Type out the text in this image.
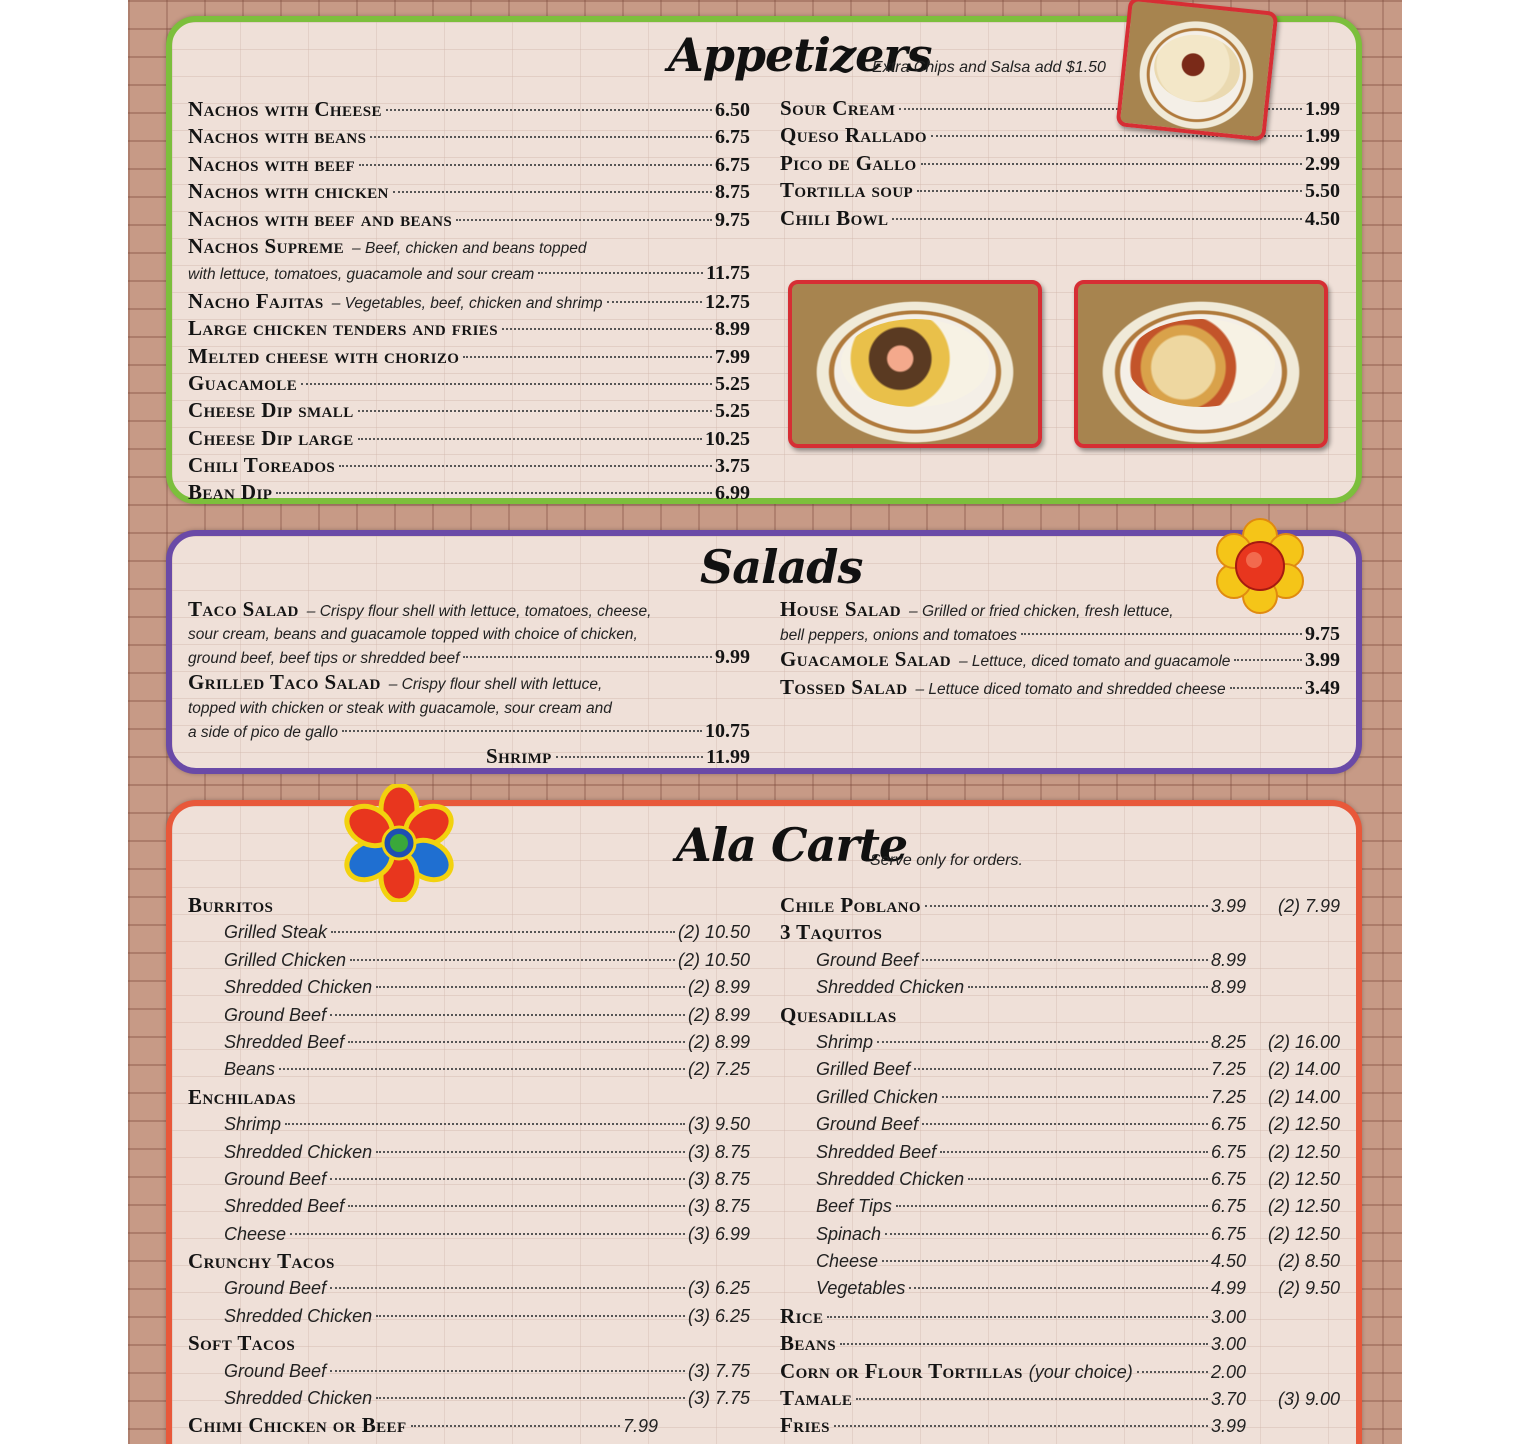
Appetizers
Extra Chips and Salsa add $1.50
Nachos with Cheese	6.50
Nachos with beans	6.75
Nachos with beef	6.75
Nachos with chicken	8.75
Nachos with beef and beans	9.75
Nachos Supreme – Beef, chicken and beans topped
with lettuce, tomatoes, guacamole and sour cream	11.75
Nacho Fajitas – Vegetables, beef, chicken and shrimp	12.75
Large chicken tenders and fries	8.99
Melted cheese with chorizo	7.99
Guacamole	5.25
Cheese Dip small	5.25
Cheese Dip large	10.25
Chili Toreados	3.75
Bean Dip	6.99
Sour Cream	1.99
Queso Rallado	1.99
Pico de Gallo	2.99
Tortilla soup	5.50
Chili Bowl	4.50
Salads
Taco Salad – Crispy flour shell with lettuce, tomatoes, cheese,
sour cream, beans and guacamole topped with choice of chicken,
ground beef, beef tips or shredded beef	9.99
Grilled Taco Salad – Crispy flour shell with lettuce,
topped with chicken or steak with guacamole, sour cream and
a side of pico de gallo	10.75
Shrimp	11.99
House Salad – Grilled or fried chicken, fresh lettuce,
bell peppers, onions and tomatoes	9.75
Guacamole Salad – Lettuce, diced tomato and guacamole	3.99
Tossed Salad – Lettuce diced tomato and shredded cheese	3.49
Ala Carte
Serve only for orders.
Burritos
Grilled Steak	(2) 10.50
Grilled Chicken	(2) 10.50
Shredded Chicken	(2) 8.99
Ground Beef	(2) 8.99
Shredded Beef	(2) 8.99
Beans	(2) 7.25
Enchiladas
Shrimp	(3) 9.50
Shredded Chicken	(3) 8.75
Ground Beef	(3) 8.75
Shredded Beef	(3) 8.75
Cheese	(3) 6.99
Crunchy Tacos
Ground Beef	(3) 6.25
Shredded Chicken	(3) 6.25
Soft Tacos
Ground Beef	(3) 7.75
Shredded Chicken	(3) 7.75
Chimi Chicken or Beef	7.99
Chile Poblano	3.99	(2) 7.99
3 Taquitos
Ground Beef	8.99
Shredded Chicken	8.99
Quesadillas
Shrimp	8.25	(2) 16.00
Grilled Beef	7.25	(2) 14.00
Grilled Chicken	7.25	(2) 14.00
Ground Beef	6.75	(2) 12.50
Shredded Beef	6.75	(2) 12.50
Shredded Chicken	6.75	(2) 12.50
Beef Tips	6.75	(2) 12.50
Spinach	6.75	(2) 12.50
Cheese	4.50	(2) 8.50
Vegetables	4.99	(2) 9.50
Rice	3.00
Beans	3.00
Corn or Flour Tortillas (your choice)	2.00
Tamale	3.70	(3) 9.00
Fries	3.99
